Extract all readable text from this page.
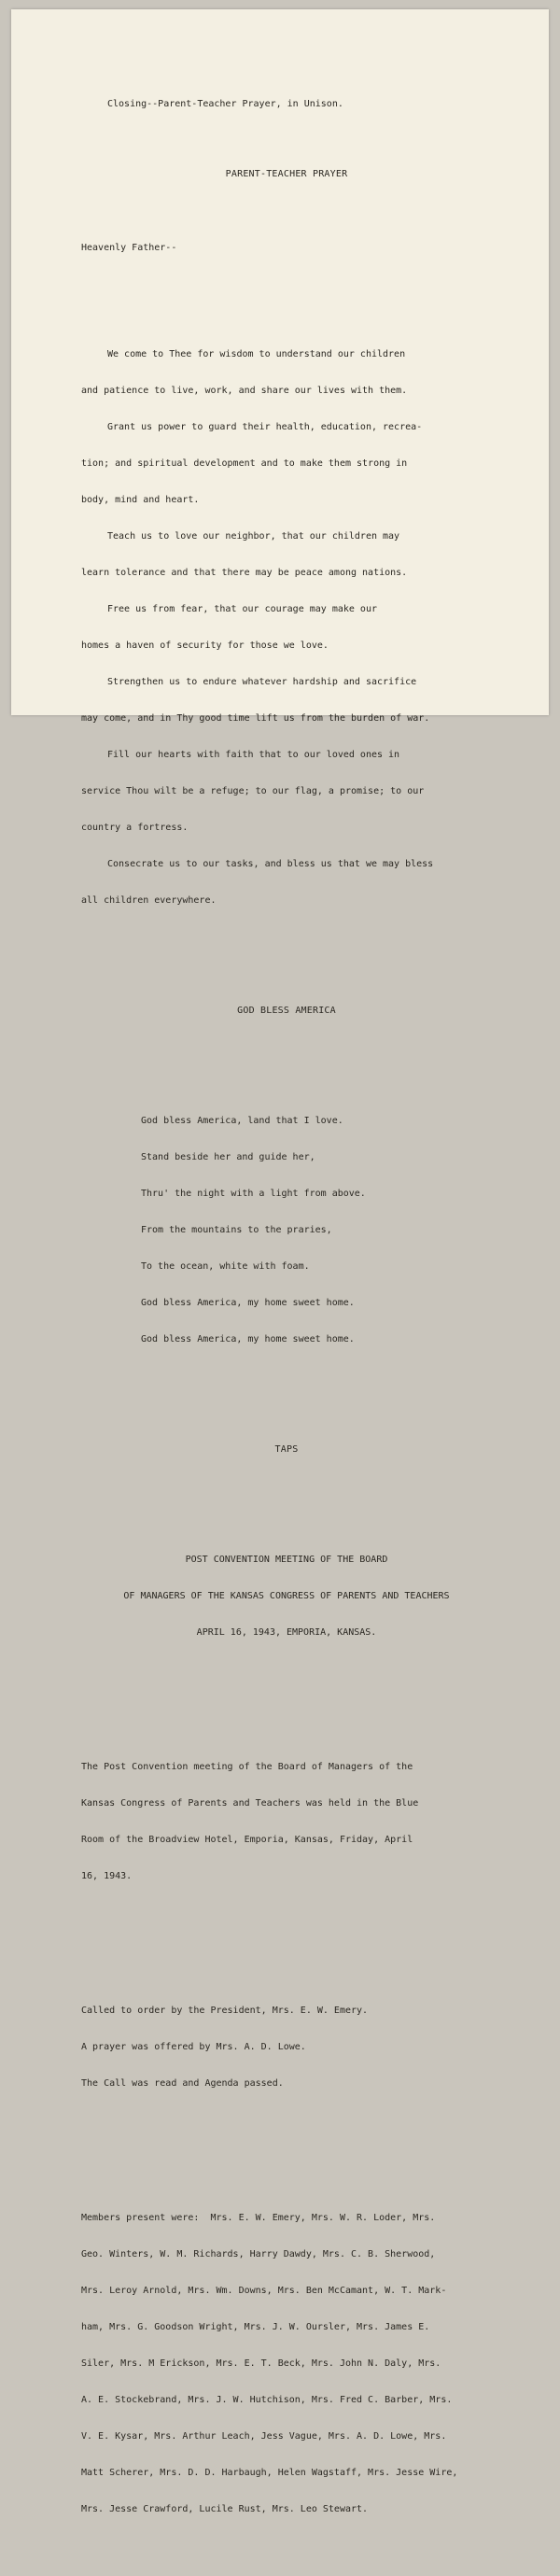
Closing--Parent-Teacher Prayer, in Unison.

PARENT-TEACHER PRAYER

Heavenly Father--

We come to Thee for wisdom to understand our children

and patience to live, work, and share our lives with them.

Grant us power to guard their health, education, recrea-

tion; and spiritual development and to make them strong in

body, mind and heart.

Teach us to love our neighbor, that our children may

learn tolerance and that there may be peace among nations.

Free us from fear, that our courage may make our

homes a haven of security for those we love.

Strengthen us to endure whatever hardship and sacrifice

may come, and in Thy good time lift us from the burden of war.

Fill our hearts with faith that to our loved ones in

service Thou wilt be a refuge; to our flag, a promise; to our

country a fortress.

Consecrate us to our tasks, and bless us that we may bless

all children everywhere.

GOD BLESS AMERICA

God bless America, land that I love.

Stand beside her and guide her,

Thru' the night with a light from above.

From the mountains to the praries,

To the ocean, white with foam.

God bless America, my home sweet home.

God bless America, my home sweet home.

TAPS

POST CONVENTION MEETING OF THE BOARD

OF MANAGERS OF THE KANSAS CONGRESS OF PARENTS AND TEACHERS

APRIL 16, 1943, EMPORIA, KANSAS.

The Post Convention meeting of the Board of Managers of the

Kansas Congress of Parents and Teachers was held in the Blue

Room of the Broadview Hotel, Emporia, Kansas, Friday, April

16, 1943.

Called to order by the President, Mrs. E. W. Emery.

A prayer was offered by Mrs. A. D. Lowe.

The Call was read and Agenda passed.

Members present were:  Mrs. E. W. Emery, Mrs. W. R. Loder, Mrs.

Geo. Winters, W. M. Richards, Harry Dawdy, Mrs. C. B. Sherwood,

Mrs. Leroy Arnold, Mrs. Wm. Downs, Mrs. Ben McCamant, W. T. Mark-

ham, Mrs. G. Goodson Wright, Mrs. J. W. Oursler, Mrs. James E.

Siler, Mrs. M Erickson, Mrs. E. T. Beck, Mrs. John N. Daly, Mrs.

A. E. Stockebrand, Mrs. J. W. Hutchison, Mrs. Fred C. Barber, Mrs.

V. E. Kysar, Mrs. Arthur Leach, Jess Vague, Mrs. A. D. Lowe, Mrs.

Matt Scherer, Mrs. D. D. Harbaugh, Helen Wagstaff, Mrs. Jesse Wire,

Mrs. Jesse Crawford, Lucile Rust, Mrs. Leo Stewart.
